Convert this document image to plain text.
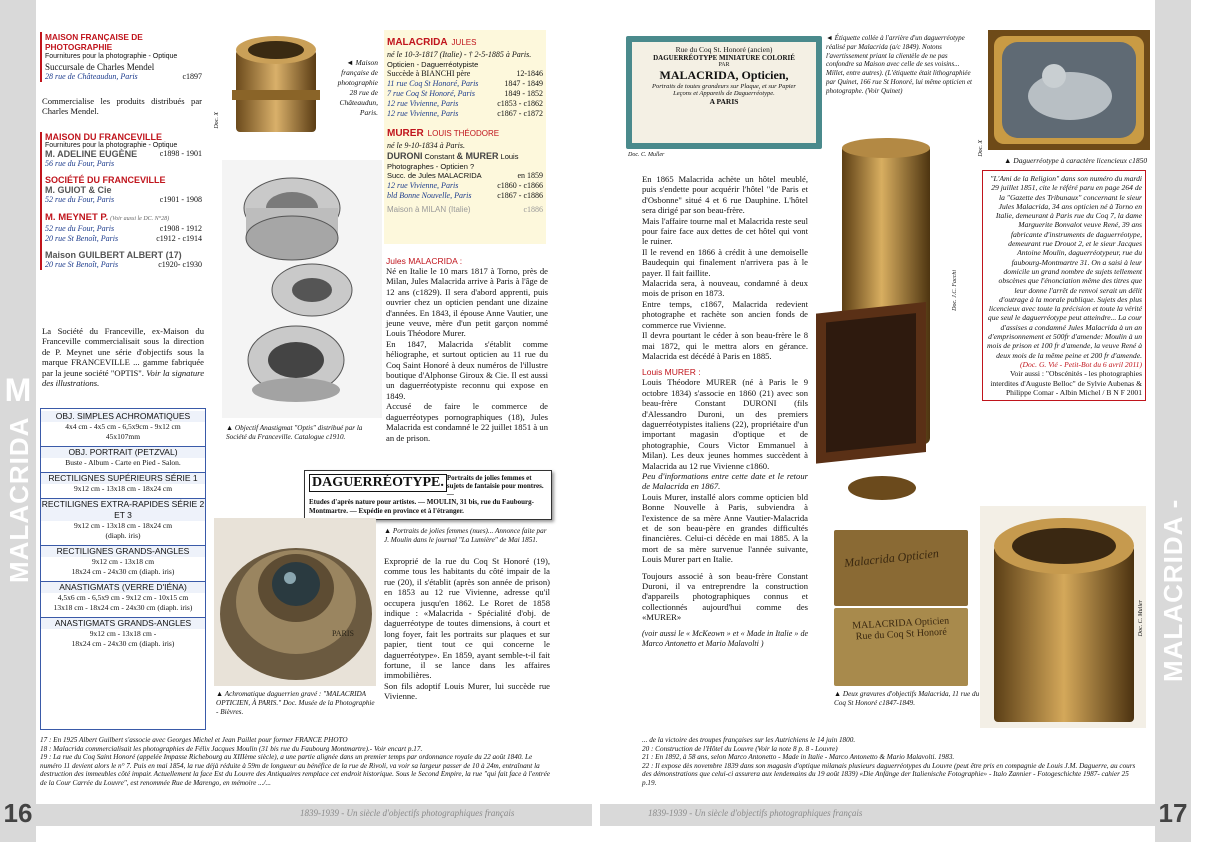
M
MALACRIDA
16
MALACRIDA - MURER
17
MAISON FRANÇAISE DE PHOTOGRAPHIE
Fournitures pour la photographie - Optique
Succursale de Charles Mendel
28 rue de Châteaudun, Paris	c1897
Commercialise les produits distribués par Charles Mendel.
MAISON DU FRANCEVILLE
Fournitures pour la photographie - Optique
M. ADELINE EUGÈNE	c1898 - 1901
56 rue du Four, Paris
SOCIÉTÉ DU FRANCEVILLE
M. GUIOT & Cie
52 rue du Four, Paris	c1901 - 1908
M. MEYNET P. (Voir aussi le DC. N°28)
52 rue du Four, Paris	c1908 - 1912
20 rue St Benoît, Paris	c1912 - c1914
Maison GUILBERT ALBERT (17)
20 rue St Benoît, Paris	c1920- c1930
La Société du Franceville, ex-Maison du Franceville commercialisait sous la direction de P. Meynet une série d'objectifs sous la marque FRANCEVILLE ... gamme fabriquée par la jeune société "OPTIS". Voir la signature des illustrations.
OBJ. SIMPLES ACHROMATIQUES
4x4 cm - 4x5 cm - 6,5x9cm - 9x12 cm
45x107mm
OBJ. PORTRAIT (PETZVAL)
Buste - Album - Carte en Pied - Salon.
RECTILIGNES SUPÉRIEURS SÉRIE 1
9x12 cm - 13x18 cm - 18x24 cm
RECTILIGNES EXTRA-RAPIDES SÉRIE 2 ET 3
9x12 cm - 13x18 cm - 18x24 cm
(diaph. iris)
RECTILIGNES GRANDS-ANGLES
9x12 cm - 13x18 cm
18x24 cm - 24x30 cm (diaph. iris)
ANASTIGMATS (VERRE D'IÉNA)
4,5x6 cm - 6,5x9 cm - 9x12 cm - 10x15 cm
13x18 cm - 18x24 cm - 24x30 cm (diaph. iris)
ANASTIGMATS GRANDS-ANGLES
9x12 cm - 13x18 cm -
18x24 cm - 24x30 cm (diaph. iris)
Doc. X
◄ Maison française de photographie 28 rue de Châteaudun, Paris.
▲ Objectif Anastigmat "Optis" distribué par la Société du Franceville. Catalogue c1910.
MALACRIDA JULES
né le 10-3-1817 (Italie) - † 2-5-1885 à Paris.
Opticien - Daguerréotypiste
Succède à BIANCHI père	12-1846
11 rue Coq St Honoré, Paris	1847 - 1849
7 rue Coq St Honoré, Paris	1849 - 1852
12 rue Vivienne, Paris	c1853 - c1862
12 rue Vivienne, Paris	c1867 - c1872
MURER LOUIS THÉODORE
né le 9-10-1834 à Paris.
DURONI Constant & MURER Louis
Photographes - Opticien ?
Succ. de Jules MALACRIDA	en 1859
12 rue Vivienne, Paris	c1860 - c1866
bld Bonne Nouvelle, Paris	c1867 - c1886
Maison à MILAN (Italie)	c1886
Jules MALACRIDA :

Né en Italie le 10 mars 1817 à Torno, près de Milan, Jules Malacrida arrive à Paris à l'âge de 12 ans (c1829). Il sera d'abord apprenti, puis ouvrier chez un opticien pendant une dizaine d'années. En 1843, il épouse Anne Vautier, une jeune veuve, mère d'un petit garçon nommé Louis Théodore Murer.

En 1847, Malacrida s'établit comme héliographe, et surtout opticien au 11 rue du Coq Saint Honoré à deux numéros de l'illustre boutique d'Alphonse Giroux & Cie. Il est aussi un daguerréotypiste reconnu qui expose en 1849.

Accusé de faire le commerce de daguerréotypes pornographiques (18), Jules Malacrida est condamné le 22 juillet 1851 à un an de prison.

DAGUERRÉOTYPE. Portraits de jolies femmes et sujets de fantaisie pour montres. —
Etudes d'après nature pour artistes. — MOULIN, 31 bis, rue du Faubourg-Montmartre. — Expédie en province et à l'étranger.
PARIS
▲ Achromatique daguerrien gravé : "MALACRIDA OPTICIEN, À PARIS." Doc. Musée de la Photographie - Bièvres.
▲ Portraits de jolies femmes (nues)... Annonce faite par J. Moulin dans le journal "La Lumière" de Mai 1851.

Exproprié de la rue du Coq St Honoré (19), comme tous les habitants du côté impair de la rue (20), il s'établit (après son année de prison) en 1853 au 12 rue Vivienne, adresse qu'il occupera jusqu'en 1862. Le Roret de 1858 indique : «Malacrida - Spécialité d'obj. de daguerréotype de toutes dimensions, à court et long foyer, fait les portraits sur plaques et sur papier, tient tout ce qui concerne le daguerréotype». En 1859, ayant semble-t-il fait fortune, il se lance dans les affaires immobilières.

Son fils adoptif Louis Murer, lui succède rue Vivienne.

Rue du Coq St. Honoré (ancien)
DAGUERRÉOTYPE MINIATURE COLORIÉ
PAR
MALACRIDA, Opticien,
Portraits de toutes grandeurs sur Plaque, et sur Papier
Leçons et Appareils de Daguerréotype.
A PARIS
Doc. C. Muller
◄ Étiquette collée à l'arrière d'un daguerréotype réalisé par Malacrida (a/c 1849). Notons l'avertissement priant la clientèle de ne pas confondre sa Maison avec celle de ses voisins... Millet, entre autres). (L'étiquette était lithographiée par Quinet, 166 rue St Honoré, lui même opticien et photographe. (Voir Quinet)
Doc. X
▲ Daguerréotype à caractère licencieux c1850

En 1865 Malacrida achète un hôtel meublé, puis s'endette pour acquérir l'hôtel "de Paris et d'Osbonne" situé 4 et 6 rue Dauphine. L'hôtel sera dirigé par son beau-frère.

Mais l'affaire tourne mal et Malacrida reste seul pour faire face aux dettes de cet hôtel qui vont le ruiner.

Il le revend en 1866 à crédit à une demoiselle Baudequin qui finalement n'arrivera pas à le payer. Il fait faillite.

Malacrida sera, à nouveau, condamné à deux mois de prison en 1873.

Entre temps, c1867, Malacrida redevient photographe et rachète son ancien fonds de commerce rue Vivienne.

Il devra pourtant le céder à son beau-frère le 8 mai 1872, qui le mettra alors en gérance. Malacrida est décédé à Paris en 1885.

Louis MURER :

Louis Théodore MURER (né à Paris le 9 octobre 1834) s'associe en 1860 (21) avec son beau-frère Constant DURONI (fils d'Alessandro Duroni, un des premiers daguerréotypistes italiens (22), propriétaire d'un important magasin d'optique et de photographie, Cours Victor Emmanuel à Milan). Les deux jeunes hommes succèdent à Malacrida au 12 rue Vivienne c1860.

Peu d'informations entre cette date et le retour de Malacrida en 1867.

Louis Murer, installé alors comme opticien bld Bonne Nouvelle à Paris, subviendra à l'existence de sa mère Anne Vautier-Malacrida et de son beau-père en grandes difficultés financières. Celui-ci décède en mai 1885. A la mort de sa mère survenue l'année suivante, Louis Murer part en Italie.

Toujours associé à son beau-frère Constant Duroni, il va entreprendre la construction d'appareils photographiques connus et collectionnés aujourd'hui comme des «MURER»

(voir aussi le « McKeown » et « Made in Italie » de Marco Antonetto et Mario Malavolti )

Doc. J.C. Facchi

"L'Ami de la Religion" dans son numéro du mardi 29 juillet 1851, cite le référé paru en page 264 de la "Gazette des Tribunaux" concernant le sieur Jules Malacrida, 34 ans opticien né à Torno en Italie, demeurant à Paris rue du Coq 7, la dame Marguerite Bonvalot veuve René, 39 ans fabricante d'instruments de daguerréotype, demeurant rue Drouot 2, et le sieur Jacques Antoine Moulin, daguerréotypeur, rue du faubourg-Montmartre 31. On a saisi à leur domicile un grand nombre de sujets tellement obscènes que l'énonciation même des titres que leur donne l'arrêt de renvoi serait un délit d'outrage à la morale publique. Sujets des plus licencieux avec toute la précision et toute la vérité que seul le daguerréotype peut atteindre... La cour d'assises a condamné Jules Malacrida à un an d'emprisonnement et 500fr d'amende: Moulin à un mois de prison et 100 fr d'amende, la veuve René à deux mois de la même peine et 200 fr d'amende.

(Doc. G. Vié - Petit-Bot du 6 avril 2011)

Voir aussi : "Obscénités - les photographies interdites d'Auguste Belloc" de Sylvie Aubenas & Philippe Comar - Albin Michel / B N F 2001

Malacrida Opticien
MALACRIDA Opticien Rue du Coq St Honoré
▲ Deux gravures d'objectifs Malacrida, 11 rue du Coq St Honoré c1847-1849.
Doc. C. Muller

17 : En 1925 Albert Guilbert s'associe avec Georges Michel et Jean Paillet pour former FRANCE PHOTO

18 : Malacrida commercialisait les photographies de Félix Jacques Moulin (31 bis rue du Faubourg Montmartre).- Voir encart p.17.

19 : La rue du Coq Saint Honoré (appelée Impasse Richebourg au XIIIème siècle), a une partie alignée dans un premier temps par ordonnance royale du 22 août 1840. Le numéro 11 devient alors le n° 7. Puis en mai 1854, la rue déjà réduite à 59m de longueur au bénéfice de la rue de Rivoli, va voir sa largeur passer de 10 à 24m, entraînant la destruction des immeubles côté impair. Actuellement la face Est du Louvre des Antiquaires remplace cet endroit historique. Sous le Second Empire, la rue "qui fait face à l'entrée de la Cour Carrée du Louvre", est renommée Rue de Marengo, en mémoire .../...

... de la victoire des troupes françaises sur les Autrichiens le 14 juin 1800.

20 : Construction de l'Hôtel du Louvre (Voir la note 8 p. 8 - Louvre)

21 : En 1892, à 58 ans, selon Marco Antonetto - Made in Italie - Marco Antonetto & Mario Malavolti. 1983.

22 : Il expose dès novembre 1839 dans son magasin d'optique milanais plusieurs daguerréotypes du Louvre (peut être pris en compagnie de Louis J.M. Daguerre, au cours des démonstrations que celui-ci assurera aux lendemains du 19 août 1839) «Die Anfänge der Italienische Fotographie» - Italo Zannier - Fotogeschichte 1987- cahier 25 p.19.

1839-1939 - Un siècle d'objectifs photographiques français	1839-1939 - Un siècle d'objectifs photographiques français
